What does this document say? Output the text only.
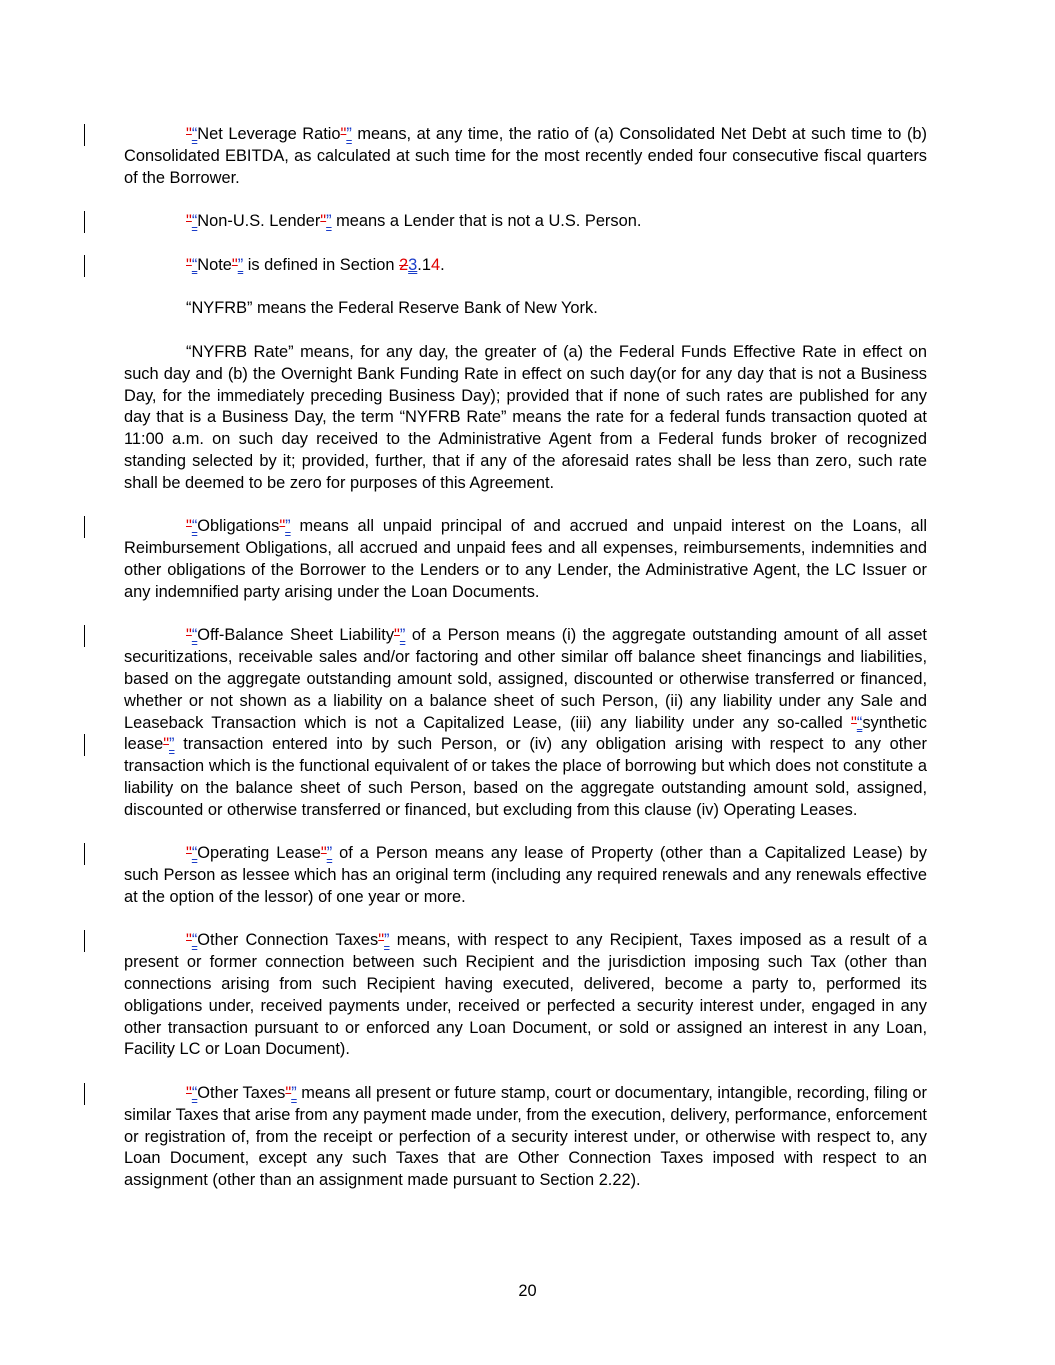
"“Net Leverage Ratio"” means, at any time, the ratio of (a) Consolidated Net Debt at such time to (b) Consolidated EBITDA, as calculated at such time for the most recently ended four consecutive fiscal quarters of the Borrower.

"“Non-U.S. Lender"” means a Lender that is not a U.S. Person.

"“Note"” is defined in Section 23.14.

“NYFRB” means the Federal Reserve Bank of New York.

“NYFRB Rate” means, for any day, the greater of (a) the Federal Funds Effective Rate in effect on such day and (b) the Overnight Bank Funding Rate in effect on such day(or for any day that is not a Business Day, for the immediately preceding Business Day); provided that if none of such rates are published for any day that is a Business Day, the term “NYFRB Rate” means the rate for a federal funds transaction quoted at 11:00 a.m. on such day received to the Administrative Agent from a Federal funds broker of recognized standing selected by it; provided, further, that if any of the aforesaid rates shall be less than zero, such rate shall be deemed to be zero for purposes of this Agreement.

"“Obligations"” means all unpaid principal of and accrued and unpaid interest on the Loans, all Reimbursement Obligations, all accrued and unpaid fees and all expenses, reimbursements, indemnities and other obligations of the Borrower to the Lenders or to any Lender, the Administrative Agent, the LC Issuer or any indemnified party arising under the Loan Documents.

"“Off-Balance Sheet Liability"” of a Person means (i) the aggregate outstanding amount of all asset securitizations, receivable sales and/or factoring and other similar off balance sheet financings and liabilities, based on the aggregate outstanding amount sold, assigned, discounted or otherwise transferred or financed, whether or not shown as a liability on a balance sheet of such Person, (ii) any liability under any Sale and Leaseback Transaction which is not a Capitalized Lease, (iii) any liability under any so-called "“synthetic lease"” transaction entered into by such Person, or (iv) any obligation arising with respect to any other transaction which is the functional equivalent of or takes the place of borrowing but which does not constitute a liability on the balance sheet of such Person, based on the aggregate outstanding amount sold, assigned, discounted or otherwise transferred or financed, but excluding from this clause (iv) Operating Leases.

"“Operating Lease"” of a Person means any lease of Property (other than a Capitalized Lease) by such Person as lessee which has an original term (including any required renewals and any renewals effective at the option of the lessor) of one year or more.

"“Other Connection Taxes"” means, with respect to any Recipient, Taxes imposed as a result of a present or former connection between such Recipient and the jurisdiction imposing such Tax (other than connections arising from such Recipient having executed, delivered, become a party to, performed its obligations under, received payments under, received or perfected a security interest under, engaged in any other transaction pursuant to or enforced any Loan Document, or sold or assigned an interest in any Loan, Facility LC or Loan Document).

"“Other Taxes"” means all present or future stamp, court or documentary, intangible, recording, filing or similar Taxes that arise from any payment made under, from the execution, delivery, performance, enforcement or registration of, from the receipt or perfection of a security interest under, or otherwise with respect to, any Loan Document, except any such Taxes that are Other Connection Taxes imposed with respect to an assignment (other than an assignment made pursuant to Section 2.22).

20
